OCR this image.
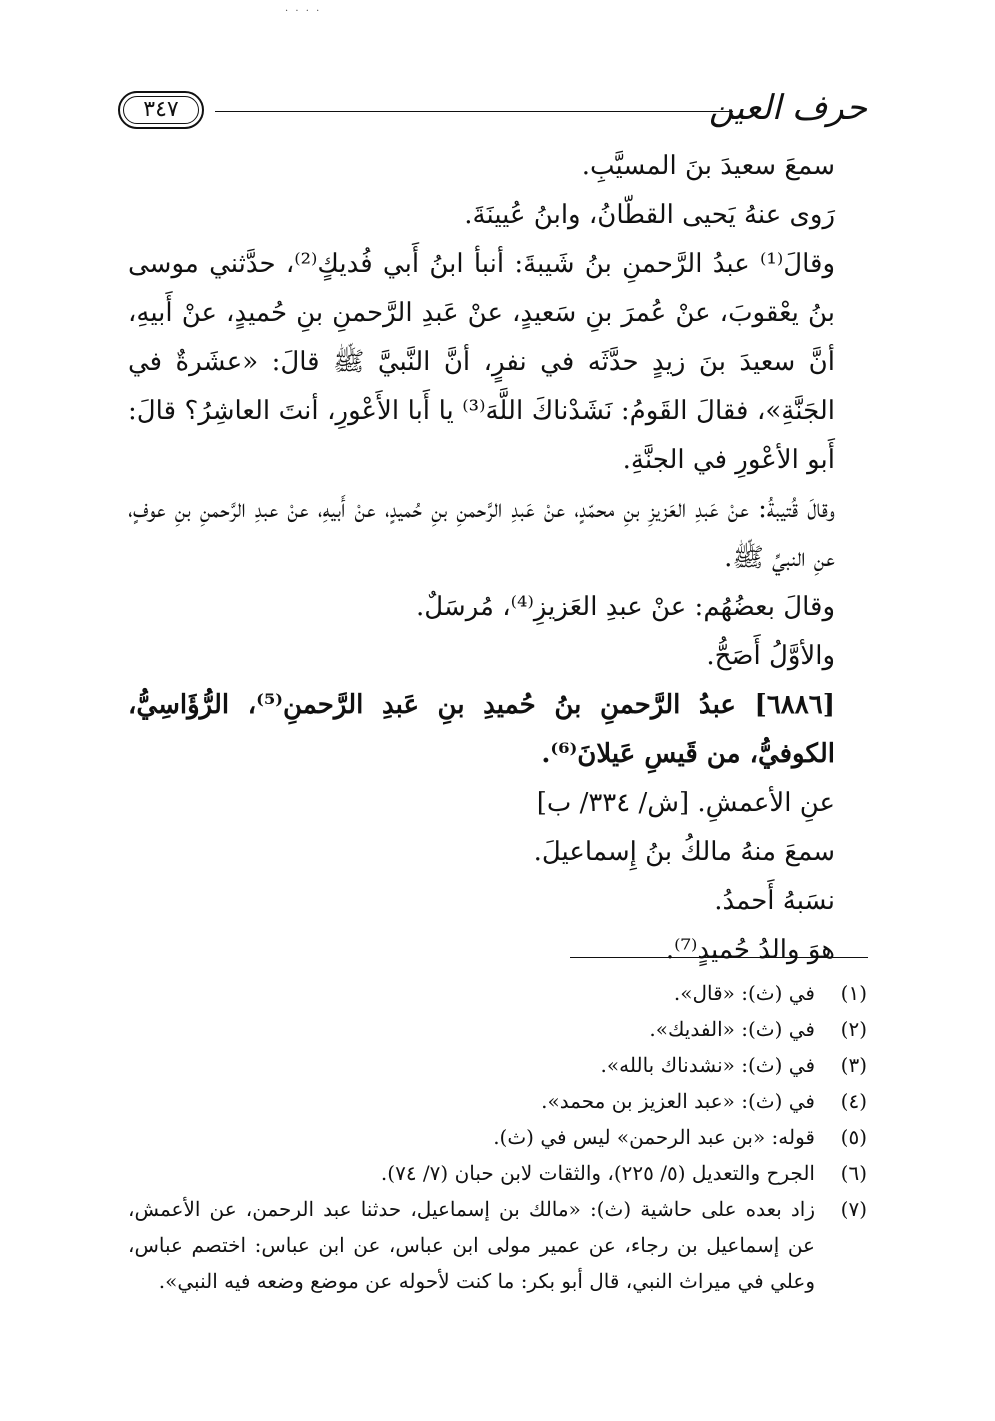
· · · ·
حرف العين
٣٤٧

سمعَ سعيدَ بنَ المسيَّبِ.

رَوى عنهُ يَحيى القطّانُ، وابنُ عُيينَةَ.

وقالَ⁽¹⁾ عبدُ الرَّحمنِ بنُ شَيبةَ: أنبأ ابنُ أَبي فُديكٍ⁽²⁾، حدَّثني موسى بنُ يعْقوبَ، عنْ عُمرَ بنِ سَعيدٍ، عنْ عَبدِ الرَّحمنِ بنِ حُميدٍ، عنْ أَبيهِ، أنَّ سعيدَ بنَ زيدٍ حدَّثَه في نفرٍ، أنَّ النَّبيَّ ﷺ قالَ: «عشَرةٌ في الجَنَّةِ»، فقالَ القَومُ: نَشَدْناكَ اللَّهَ⁽³⁾ يا أَبا الأَعْورِ، أنتَ العاشِرُ؟ قالَ: أَبو الأعْورِ في الجنَّةِ.

وقالَ قُتيبةُ: عنْ عَبدِ العَزيزِ بنِ محمّدٍ، عنْ عَبدِ الرَّحمنِ بنِ حُميدٍ، عنْ أَبيهِ، عنْ عبدِ الرَّحمنِ بنِ عوفٍ، عنِ النبيِّ ﷺ.

وقالَ بعضُهُم: عنْ عبدِ العَزيزِ⁽⁴⁾، مُرسَلٌ.

والأوَّلُ أَصَحُّ.

[٦٨٨٦] عبدُ الرَّحمنِ بنُ حُميدِ بنِ عَبدِ الرَّحمنِ⁽⁵⁾، الرُّؤَاسِيُّ، الكوفيُّ، من قَيسِ عَيلانَ⁽⁶⁾.

عنِ الأعمشِ. [ش/ ٣٣٤/ ب]

سمعَ منهُ مالكُ بنُ إِسماعيلَ.

نسَبهُ أَحمدُ.

هوَ والدُ حُميدٍ⁽⁷⁾.

(١)
في (ث): «قال».
(٢)
في (ث): «الفديك».
(٣)
في (ث): «نشدناك بالله».
(٤)
في (ث): «عبد العزيز بن محمد».
(٥)
قوله: «بن عبد الرحمن» ليس في (ث).
(٦)
الجرح والتعديل (٥/ ٢٢٥)، والثقات لابن حبان (٧/ ٧٤).
(٧)
زاد بعده على حاشية (ث): «مالك بن إسماعيل، حدثنا عبد الرحمن، عن الأعمش، عن إسماعيل بن رجاء، عن عمير مولى ابن عباس، عن ابن عباس: اختصم عباس، وعلي في ميراث النبي، قال أبو بكر: ما كنت لأحوله عن موضع وضعه فيه النبي».
